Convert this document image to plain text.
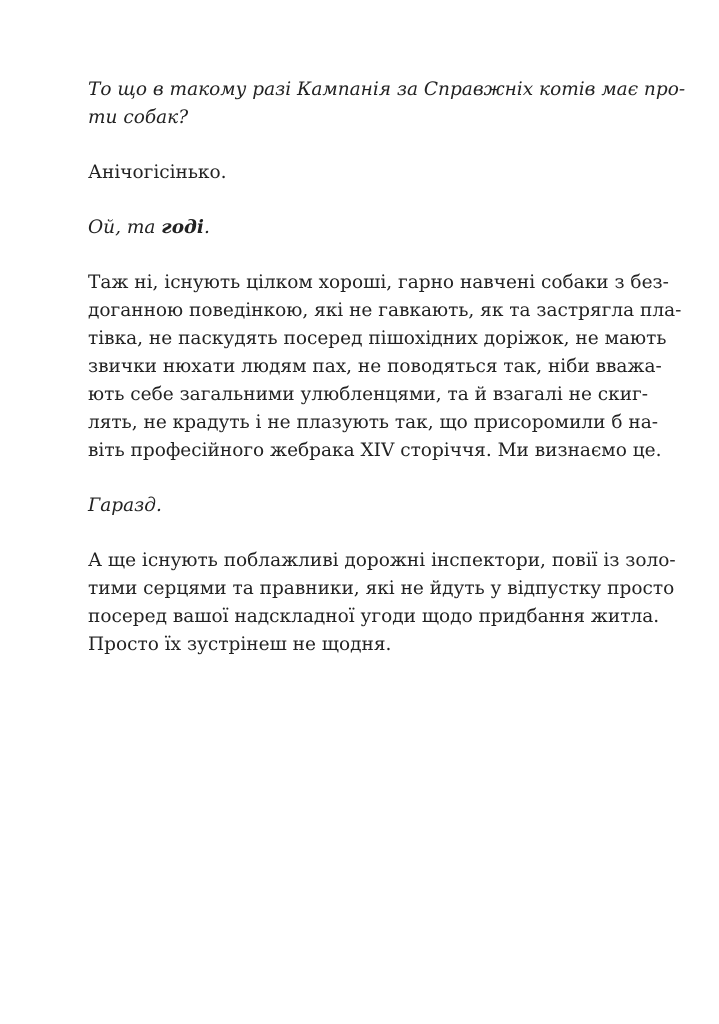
То що в такому разі Кампанія за Справжніх котів має про-
ти собак?

Анічогісінько.

Ой, та годі.

Таж ні, існують цілком хороші, гарно навчені собаки з без-
доганною поведінкою, які не гавкають, як та застрягла пла-
тівка, не паскудять посеред пішохідних доріжок, не мають
звички нюхати людям пах, не поводяться так, ніби вважа-
ють себе загальними улюбленцями, та й взагалі не скиг-
лять, не крадуть і не плазують так, що присоромили б на-
віть професійного жебрака XIV сторіччя. Ми визнаємо це.

Гаразд.

А ще існують поблажливі дорожні інспектори, повії із золо-
тими серцями та правники, які не йдуть у відпустку просто
посеред вашої надскладної угоди щодо придбання житла.
Просто їх зустрінеш не щодня.
